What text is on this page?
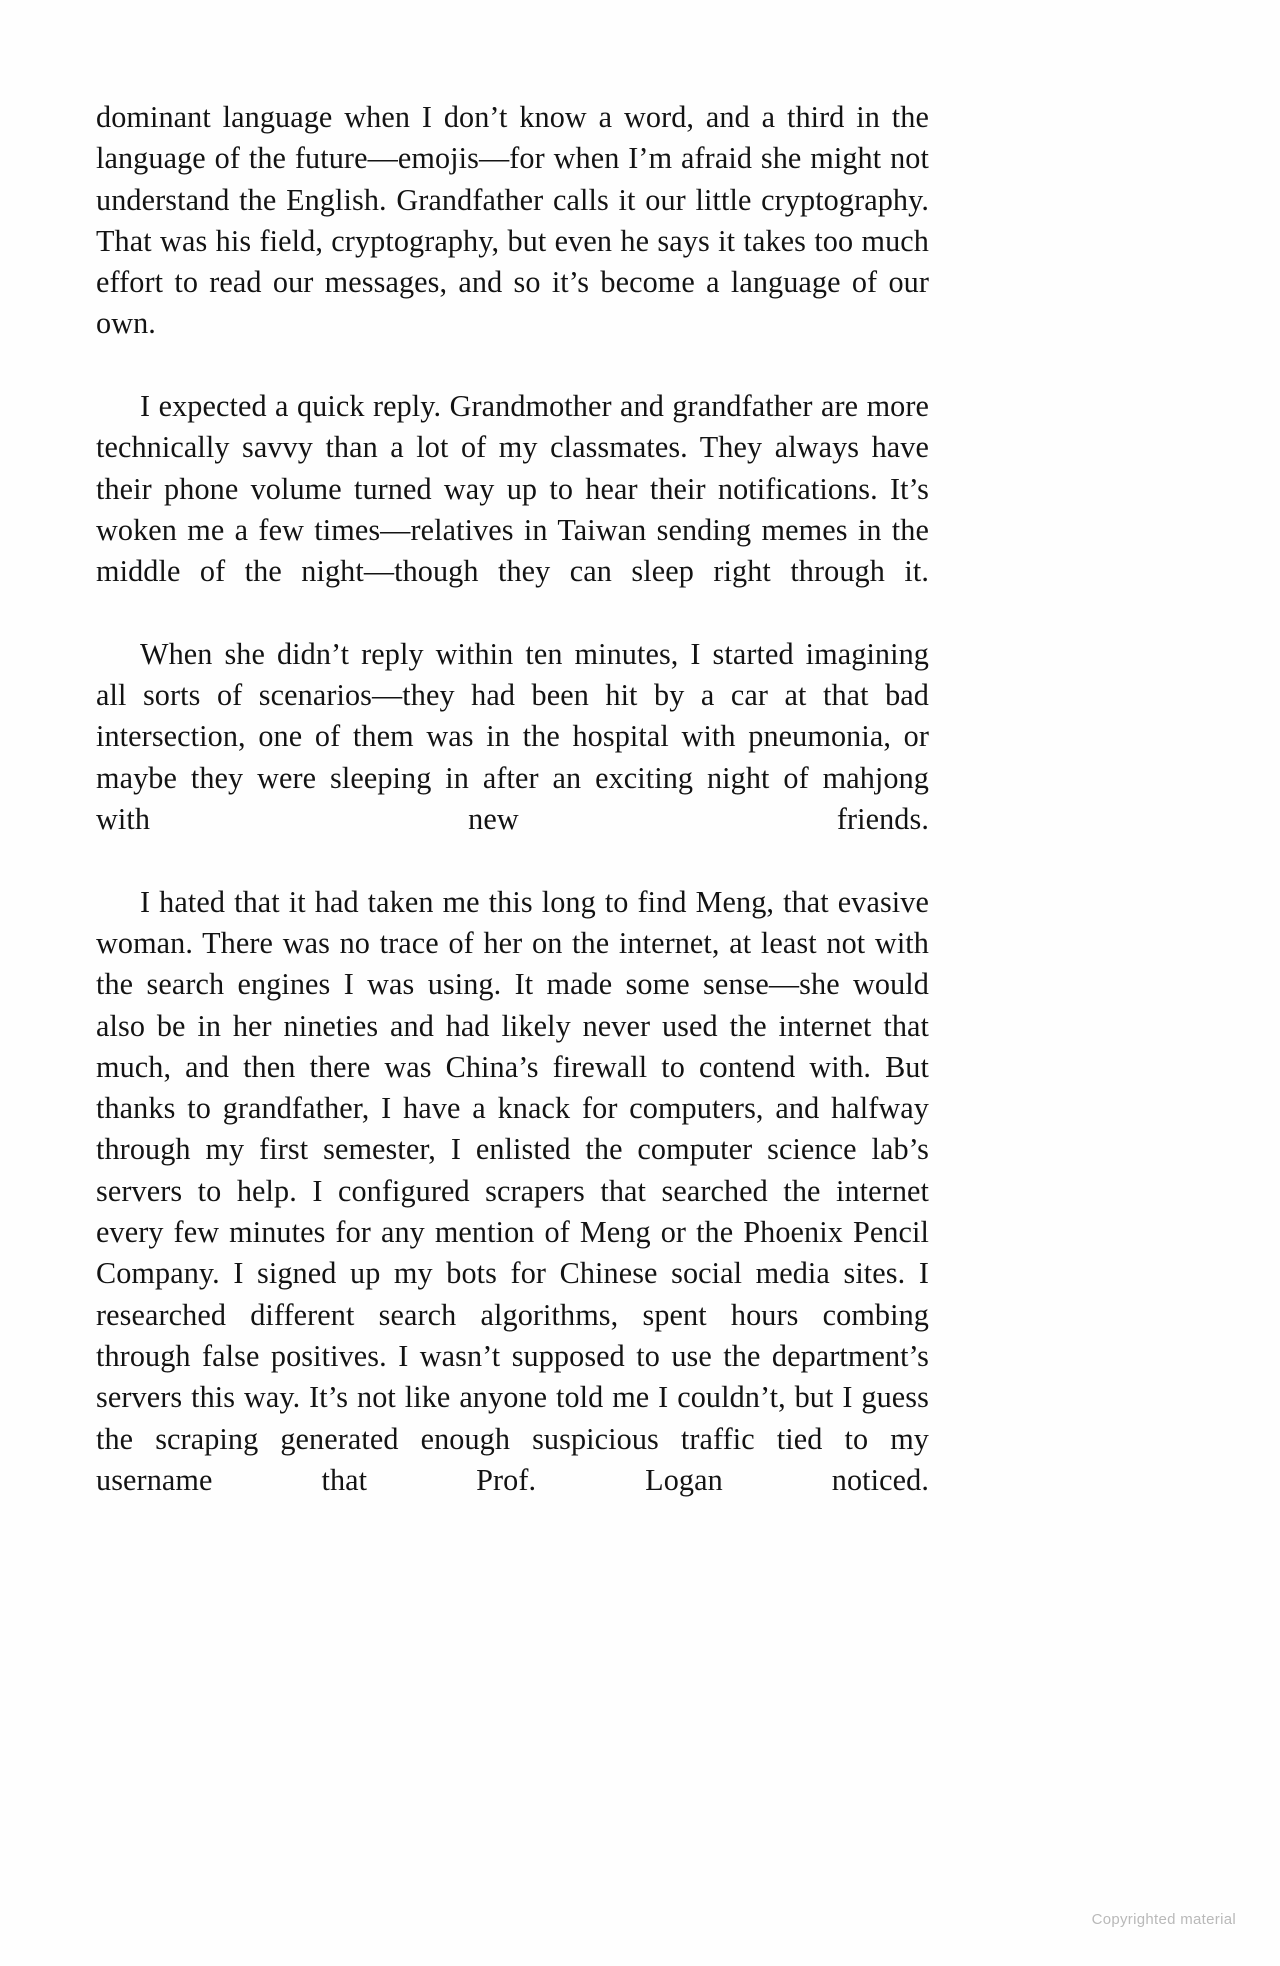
dominant language when I don’t know a word, and a third in the language of the future—emojis—for when I’m afraid she might not understand the English. Grandfather calls it our little cryptography. That was his field, cryptography, but even he says it takes too much effort to read our messages, and so it’s become a language of our own.

I expected a quick reply. Grandmother and grandfather are more technically savvy than a lot of my classmates. They always have their phone volume turned way up to hear their notifications. It’s woken me a few times—relatives in Taiwan sending memes in the middle of the night—though they can sleep right through it.

When she didn’t reply within ten minutes, I started imagining all sorts of scenarios—they had been hit by a car at that bad intersection, one of them was in the hospital with pneumonia, or maybe they were sleeping in after an exciting night of mahjong with new friends.

I hated that it had taken me this long to find Meng, that evasive woman. There was no trace of her on the internet, at least not with the search engines I was using. It made some sense—she would also be in her nineties and had likely never used the internet that much, and then there was China’s firewall to contend with. But thanks to grandfather, I have a knack for computers, and halfway through my first semester, I enlisted the computer science lab’s servers to help. I configured scrapers that searched the internet every few minutes for any mention of Meng or the Phoenix Pencil Company. I signed up my bots for Chinese social media sites. I researched different search algorithms, spent hours combing through false positives. I wasn’t supposed to use the department’s servers this way. It’s not like anyone told me I couldn’t, but I guess the scraping generated enough suspicious traffic tied to my username that Prof. Logan noticed.

Copyrighted material
